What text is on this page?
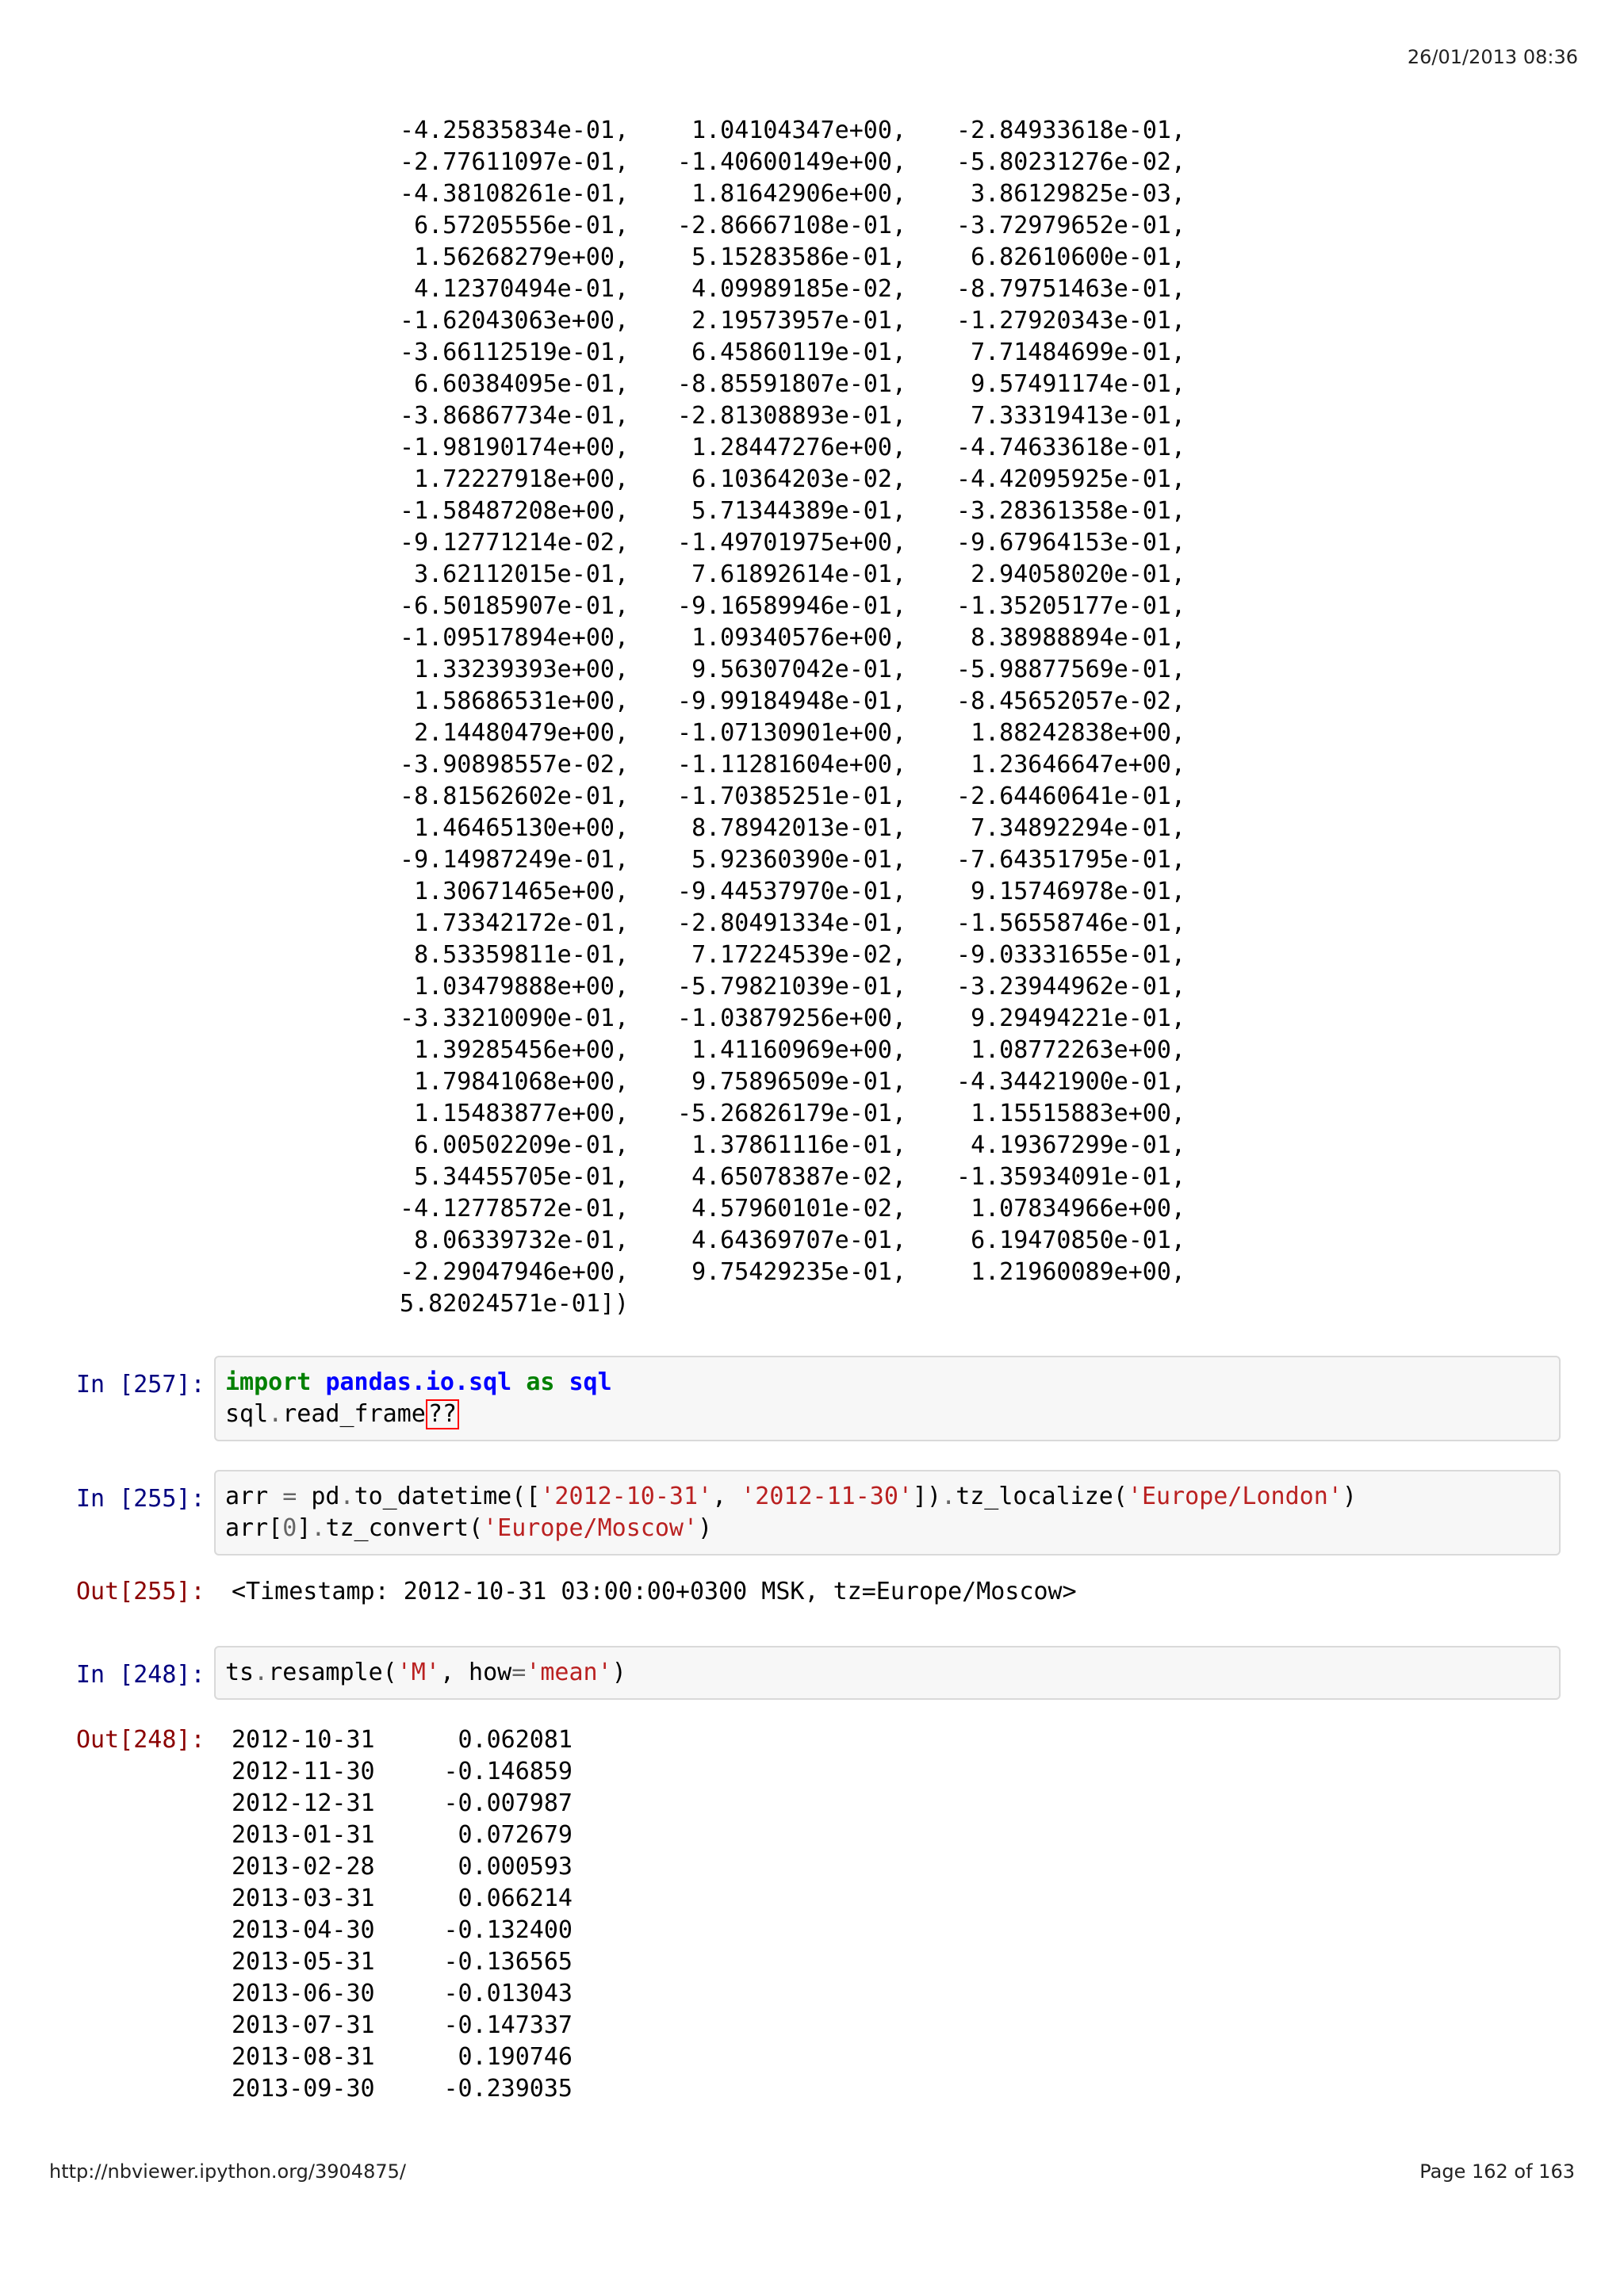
26/01/2013 08:36
-4.25835834e-01,	1.04104347e+00,	-2.84933618e-01,
-2.77611097e-01,	-1.40600149e+00,	-5.80231276e-02,
-4.38108261e-01,	1.81642906e+00,	3.86129825e-03,
6.57205556e-01,	-2.86667108e-01,	-3.72979652e-01,
1.56268279e+00,	5.15283586e-01,	6.82610600e-01,
4.12370494e-01,	4.09989185e-02,	-8.79751463e-01,
-1.62043063e+00,	2.19573957e-01,	-1.27920343e-01,
-3.66112519e-01,	6.45860119e-01,	7.71484699e-01,
6.60384095e-01,	-8.85591807e-01,	9.57491174e-01,
-3.86867734e-01,	-2.81308893e-01,	7.33319413e-01,
-1.98190174e+00,	1.28447276e+00,	-4.74633618e-01,
1.72227918e+00,	6.10364203e-02,	-4.42095925e-01,
-1.58487208e+00,	5.71344389e-01,	-3.28361358e-01,
-9.12771214e-02,	-1.49701975e+00,	-9.67964153e-01,
3.62112015e-01,	7.61892614e-01,	2.94058020e-01,
-6.50185907e-01,	-9.16589946e-01,	-1.35205177e-01,
-1.09517894e+00,	1.09340576e+00,	8.38988894e-01,
1.33239393e+00,	9.56307042e-01,	-5.98877569e-01,
1.58686531e+00,	-9.99184948e-01,	-8.45652057e-02,
2.14480479e+00,	-1.07130901e+00,	1.88242838e+00,
-3.90898557e-02,	-1.11281604e+00,	1.23646647e+00,
-8.81562602e-01,	-1.70385251e-01,	-2.64460641e-01,
1.46465130e+00,	8.78942013e-01,	7.34892294e-01,
-9.14987249e-01,	5.92360390e-01,	-7.64351795e-01,
1.30671465e+00,	-9.44537970e-01,	9.15746978e-01,
1.73342172e-01,	-2.80491334e-01,	-1.56558746e-01,
8.53359811e-01,	7.17224539e-02,	-9.03331655e-01,
1.03479888e+00,	-5.79821039e-01,	-3.23944962e-01,
-3.33210090e-01,	-1.03879256e+00,	9.29494221e-01,
1.39285456e+00,	1.41160969e+00,	1.08772263e+00,
1.79841068e+00,	9.75896509e-01,	-4.34421900e-01,
1.15483877e+00,	-5.26826179e-01,	1.15515883e+00,
6.00502209e-01,	1.37861116e-01,	4.19367299e-01,
5.34455705e-01,	4.65078387e-02,	-1.35934091e-01,
-4.12778572e-01,	4.57960101e-02,	1.07834966e+00,
8.06339732e-01,	4.64369707e-01,	6.19470850e-01,
-2.29047946e+00,	9.75429235e-01,	1.21960089e+00,
5.82024571e-01])
In [257]: import pandas.io.sql as sql
sql.read_frame ??
In [255]: arr = pd.to_datetime(['2012-10-31', '2012-11-30']).tz_localize('Europe/London')
arr[0].tz_convert('Europe/Moscow')
Out[255]: <Timestamp: 2012-10-31 03:00:00+0300 MSK, tz=Europe/Moscow>
In [248]: ts.resample('M', how='mean')
Out[248]: 2012-10-31	0.062081
2012-11-30	-0.146859
2012-12-31	-0.007987
2013-01-31	0.072679
2013-02-28	0.000593
2013-03-31	0.066214
2013-04-30	-0.132400
2013-05-31	-0.136565
2013-06-30	-0.013043
2013-07-31	-0.147337
2013-08-31	0.190746
2013-09-30	-0.239035
http://nbviewer.ipython.org/3904875/	Page 162 of 163
